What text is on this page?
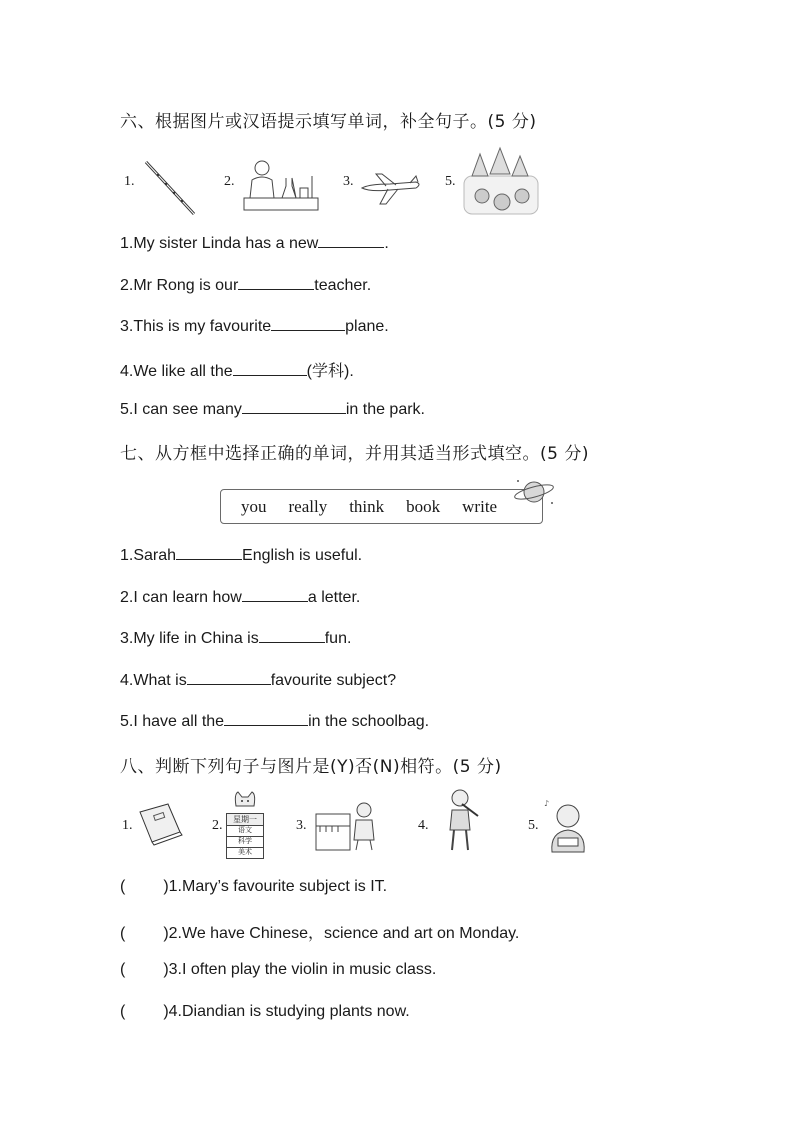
六、根据图片或汉语提示填写单词，补全句子。(5 分)
1.	2.	3.	5.
1.My sister Linda has a new	.
2.Mr Rong is our	teacher.
3.This is my favourite	plane.
4.We like all the	(学科).
5.I can see many	in the park.
七、从方框中选择正确的单词，并用其适当形式填空。(5 分)
you really think book write
1.Sarah	English is useful.
2.I can learn how	a letter.
3.My life in China is	fun.
4.What is	favourite subject?
5.I have all the	in the schoolbag.
八、判断下列句子与图片是(Y)否(N)相符。(5 分)
1.	2.	星期一
语文
科学
美术
3.	4.	5.
♪
( )1.Mary’s favourite subject is IT.
( )2.We have Chinese，science and art on Monday.
( )3.I often play the violin in music class.
( )4.Diandian is studying plants now.
